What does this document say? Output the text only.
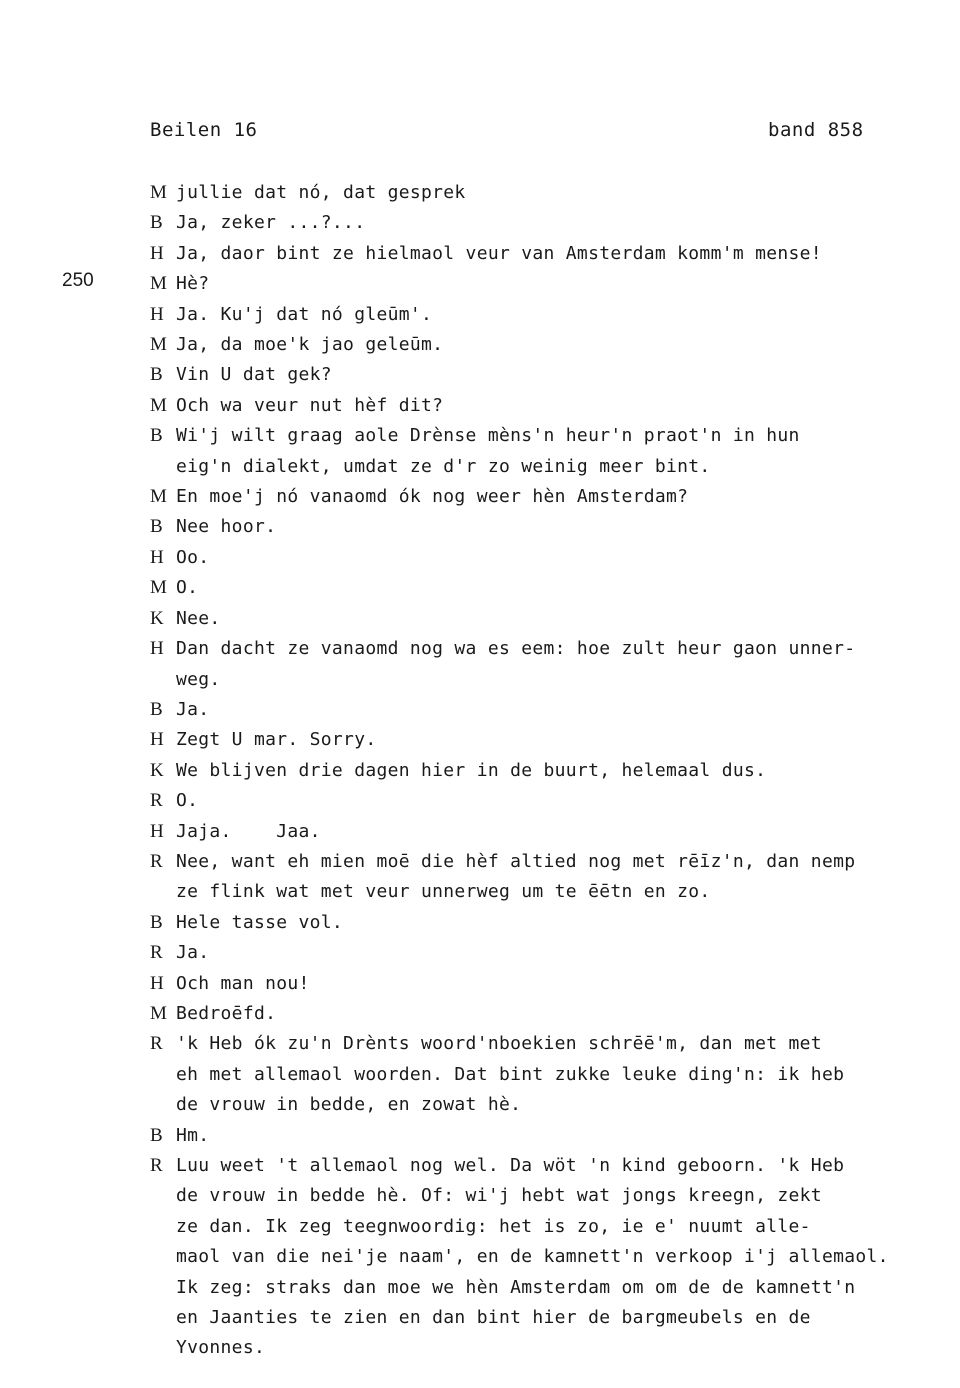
Beilen 16	band 858
250
M jullie dat nó, dat gesprek
B Ja, zeker ...?...
H Ja, daor bint ze hielmaol veur van Amsterdam komm'm mense!
M Hè?
H Ja. Ku'j dat nó gleūm'.
M Ja, da moe'k jao geleūm.
B Vin U dat gek?
M Och wa veur nut hèf dit?
B Wi'j wilt graag aole Drènse mèns'n heur'n praot'n in hun
eig'n dialekt, umdat ze d'r zo weinig meer bint.
M En moe'j nó vanaomd ók nog weer hèn Amsterdam?
B Nee hoor.
H Oo.
M O.
K Nee.
H Dan dacht ze vanaomd nog wa es eem: hoe zult heur gaon unner-
weg.
B Ja.
H Zegt U mar. Sorry.
K We blijven drie dagen hier in de buurt, helemaal dus.
R O.
H Jaja.    Jaa.
R Nee, want eh mien moē die hèf altied nog met rēīz'n, dan nemp
ze flink wat met veur unnerweg um te ēētn en zo.
B Hele tasse vol.
R Ja.
H Och man nou!
M Bedroēfd.
R 'k Heb ók zu'n Drènts woord'nboekien schrēē'm, dan met met
eh met allemaol woorden. Dat bint zukke leuke ding'n: ik heb
de vrouw in bedde, en zowat hè.
B Hm.
R Luu weet 't allemaol nog wel. Da wöt 'n kind geboorn. 'k Heb
de vrouw in bedde hè. Of: wi'j hebt wat jongs kreegn, zekt
ze dan. Ik zeg teegnwoordig: het is zo, ie e' nuumt alle-
maol van die nei'je naam', en de kamnett'n verkoop i'j allemaol.
Ik zeg: straks dan moe we hèn Amsterdam om om de de kamnett'n
en Jaanties te zien en dan bint hier de bargmeubels en de
Yvonnes.
